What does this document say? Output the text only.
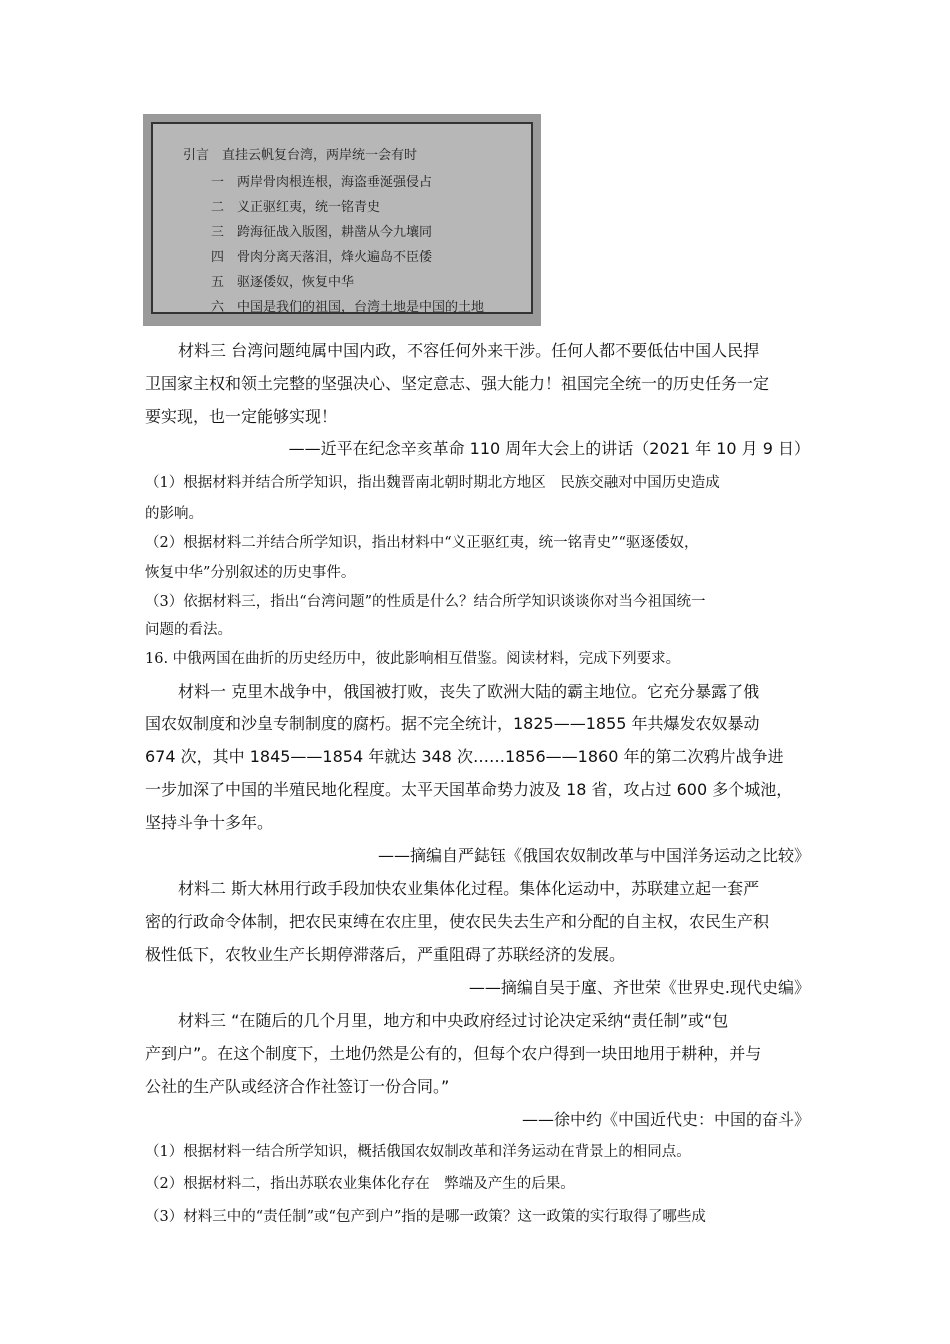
引言　直挂云帆复台湾，两岸统一会有时
一 两岸骨肉根连根，海盗垂涎强侵占
二 义正驱红夷，统一铭青史
三 跨海征战入版图，耕凿从今九壤同
四 骨肉分离天落泪，烽火遍岛不臣倭
五 驱逐倭奴，恢复中华
六 中国是我们的祖国，台湾土地是中国的土地
材料三 台湾问题纯属中国内政，不容任何外来干涉。任何人都不要低估中国人民捍
卫国家主权和领土完整的坚强决心、坚定意志、强大能力！祖国完全统一的历史任务一定
要实现，也一定能够实现！
——近平在纪念辛亥革命 110 周年大会上的讲话（2021 年 10 月 9 日）
（1）根据材料并结合所学知识，指出魏晋南北朝时期北方地区　民族交融对中国历史造成
的影响。
（2）根据材料二并结合所学知识，指出材料中“义正驱红夷，统一铭青史”“驱逐倭奴，
恢复中华”分别叙述的历史事件。
（3）依据材料三，指出“台湾问题”的性质是什么？结合所学知识谈谈你对当今祖国统一
问题的看法。
16. 中俄两国在曲折的历史经历中，彼此影响相互借鉴。阅读材料，完成下列要求。
材料一 克里木战争中，俄国被打败，丧失了欧洲大陆的霸主地位。它充分暴露了俄
国农奴制度和沙皇专制制度的腐朽。据不完全统计，1825——1855 年共爆发农奴暴动
674 次，其中 1845——1854 年就达 348 次……1856——1860 年的第二次鸦片战争进
一步加深了中国的半殖民地化程度。太平天国革命势力波及 18 省，攻占过 600 多个城池，
坚持斗争十多年。
——摘编自严鋕钰《俄国农奴制改革与中国洋务运动之比较》
材料二 斯大林用行政手段加快农业集体化过程。集体化运动中，苏联建立起一套严
密的行政命令体制，把农民束缚在农庄里，使农民失去生产和分配的自主权，农民生产积
极性低下，农牧业生产长期停滞落后，严重阻碍了苏联经济的发展。
——摘编自吴于廑、齐世荣《世界史.现代史编》
材料三 “在随后的几个月里，地方和中央政府经过讨论决定采纳“责任制”或“包
产到户”。在这个制度下，土地仍然是公有的，但每个农户得到一块田地用于耕种，并与
公社的生产队或经济合作社签订一份合同。”
——徐中约《中国近代史：中国的奋斗》
（1）根据材料一结合所学知识，概括俄国农奴制改革和洋务运动在背景上的相同点。
（2）根据材料二，指出苏联农业集体化存在　弊端及产生的后果。
（3）材料三中的“责任制”或“包产到户”指的是哪一政策？这一政策的实行取得了哪些成
